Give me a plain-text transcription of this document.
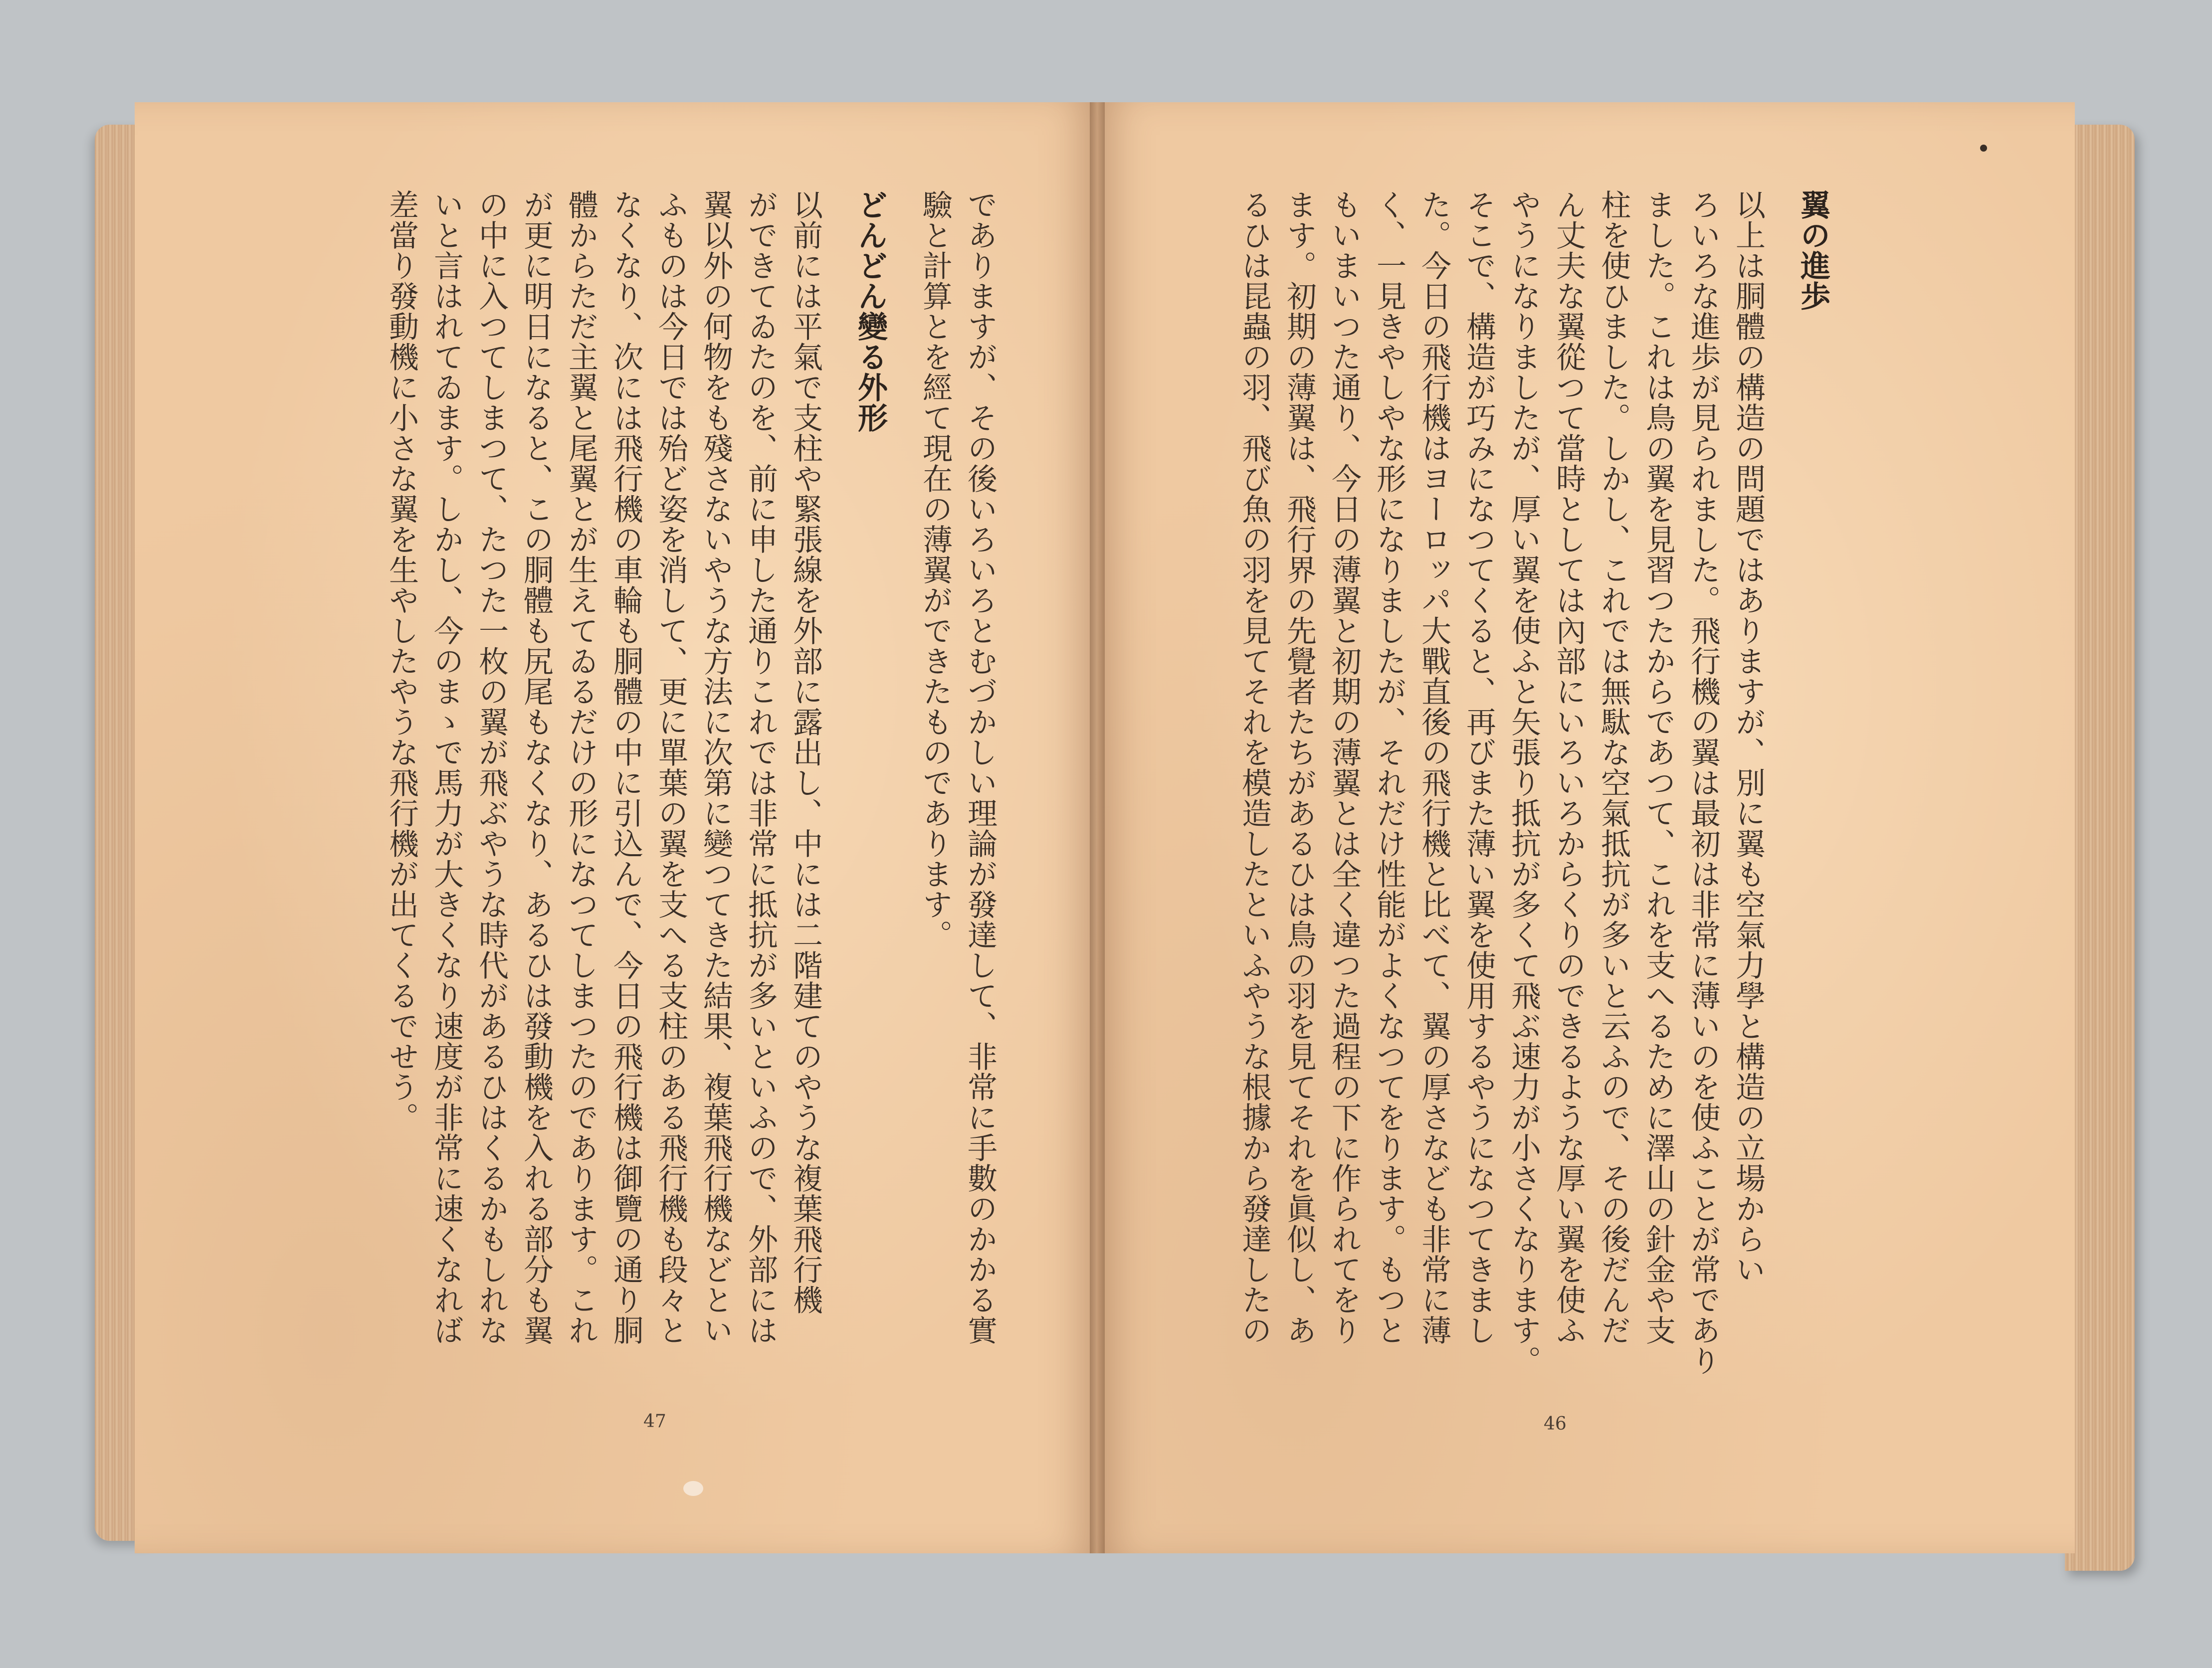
翼の進歩
以上は胴體の構造の問題ではありますが、別に翼も空氣力學と構造の立場からい
ろいろな進歩が見られました。飛行機の翼は最初は非常に薄いのを使ふことが常であり
ました。これは鳥の翼を見習つたからであつて、これを支へるために澤山の針金や支
柱を使ひました。しかし、これでは無駄な空氣抵抗が多いと云ふので、その後だんだ
ん丈夫な翼從つて當時としては內部にいろいろからくりのできるような厚い翼を使ふ
やうになりましたが、厚い翼を使ふと矢張り抵抗が多くて飛ぶ速力が小さくなります。
そこで、構造が巧みになつてくると、再びまた薄い翼を使用するやうになつてきまし
た。今日の飛行機はヨーロッパ大戰直後の飛行機と比べて、翼の厚さなども非常に薄
く、一見きやしやな形になりましたが、それだけ性能がよくなつてをります。もつと
もいまいつた通り、今日の薄翼と初期の薄翼とは全く違つた過程の下に作られてをり
ます。初期の薄翼は、飛行界の先覺者たちがあるひは鳥の羽を見てそれを眞似し、あ
るひは昆蟲の羽、飛び魚の羽を見てそれを模造したといふやうな根據から發達したの
でありますが、その後いろいろとむづかしい理論が發達して、非常に手數のかかる實
驗と計算とを經て現在の薄翼ができたものであります。
どんどん變る外形
以前には平氣で支柱や緊張線を外部に露出し、中には二階建てのやうな複葉飛行機
ができてゐたのを、前に申した通りこれでは非常に抵抗が多いといふので、外部には
翼以外の何物をも殘さないやうな方法に次第に變つてきた結果、複葉飛行機などとい
ふものは今日では殆ど姿を消して、更に單葉の翼を支へる支柱のある飛行機も段々と
なくなり、次には飛行機の車輪も胴體の中に引込んで、今日の飛行機は御覽の通り胴
體からただ主翼と尾翼とが生えてゐるだけの形になつてしまつたのであります。これ
が更に明日になると、この胴體も尻尾もなくなり、あるひは發動機を入れる部分も翼
の中に入つてしまつて、たつた一枚の翼が飛ぶやうな時代があるひはくるかもしれな
いと言はれてゐます。しかし、今のまゝで馬力が大きくなり速度が非常に速くなれば
差當り發動機に小さな翼を生やしたやうな飛行機が出てくるでせう。
47	46
